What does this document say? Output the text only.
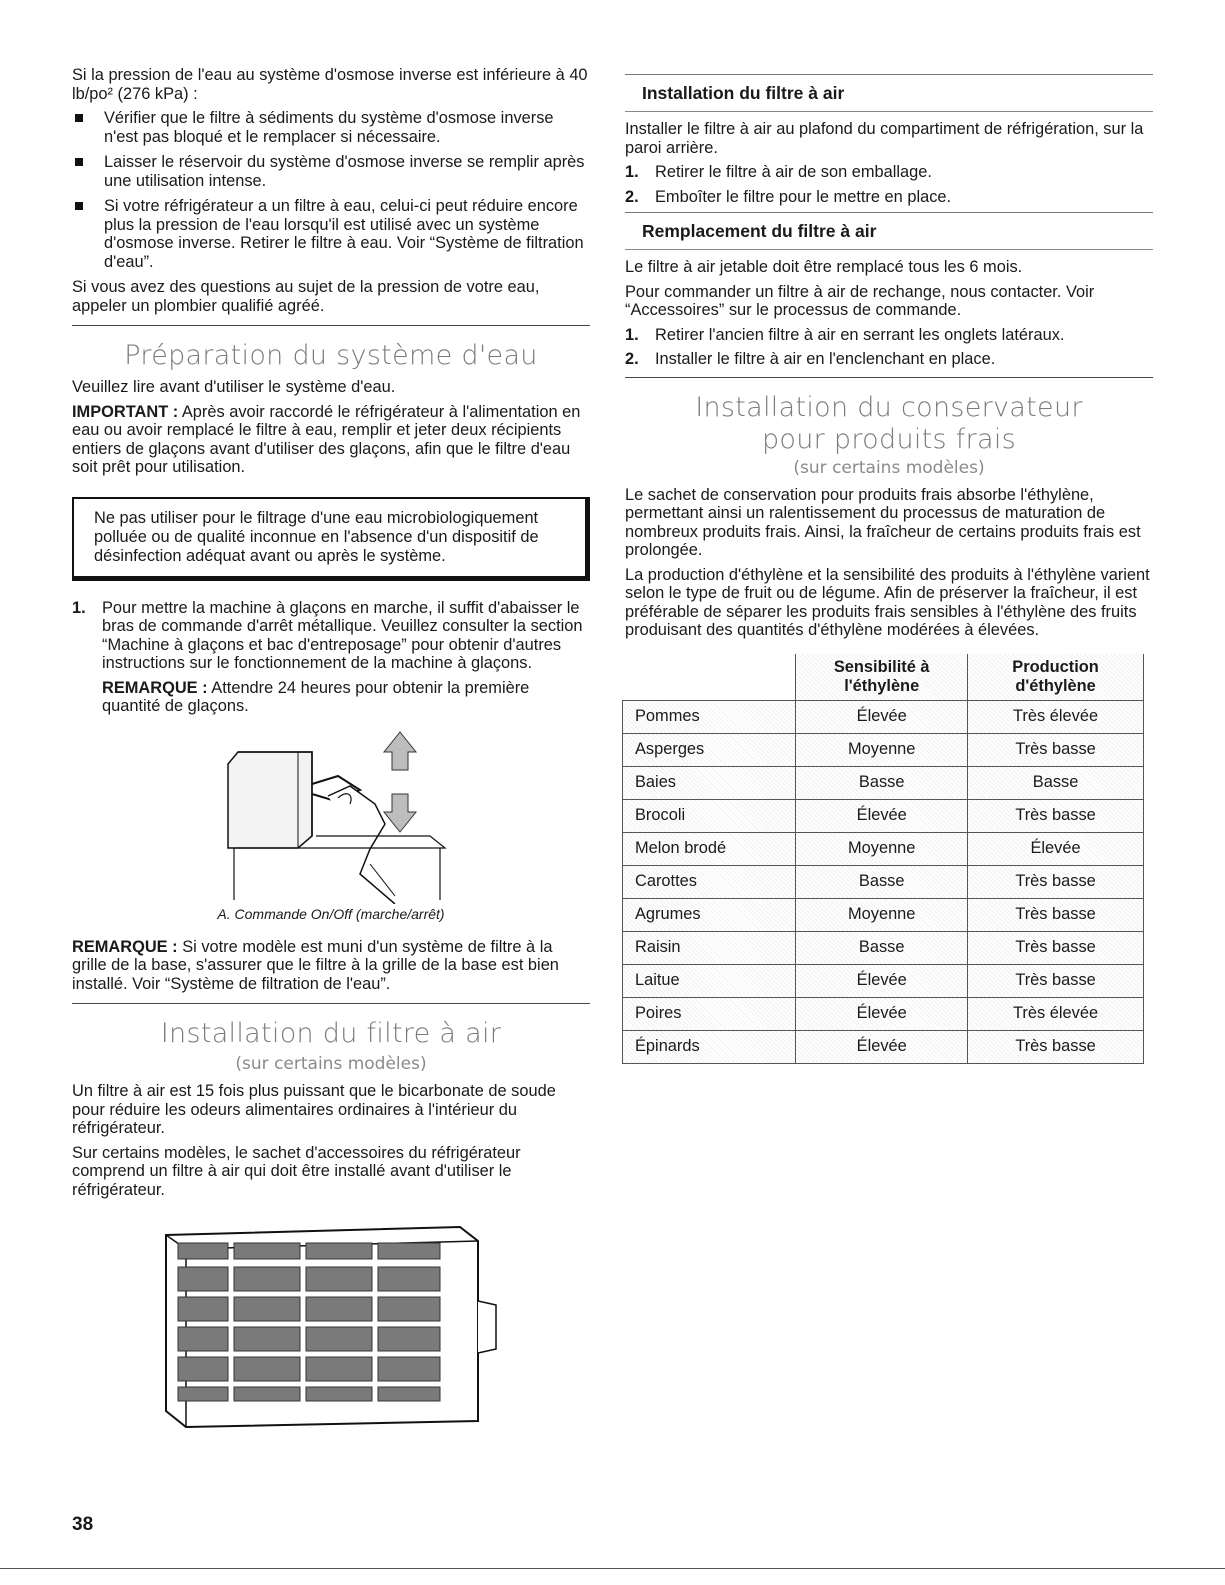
Si la pression de l'eau au système d'osmose inverse est inférieure à 40 lb/po² (276 kPa) :

Vérifier que le filtre à sédiments du système d'osmose inverse n'est pas bloqué et le remplacer si nécessaire.
Laisser le réservoir du système d'osmose inverse se remplir après une utilisation intense.
Si votre réfrigérateur a un filtre à eau, celui-ci peut réduire encore plus la pression de l'eau lorsqu'il est utilisé avec un système d'osmose inverse. Retirer le filtre à eau. Voir “Système de filtration d'eau”.

Si vous avez des questions au sujet de la pression de votre eau, appeler un plombier qualifié agréé.

Préparation du système d'eau

Veuillez lire avant d'utiliser le système d'eau.

IMPORTANT : Après avoir raccordé le réfrigérateur à l'alimentation en eau ou avoir remplacé le filtre à eau, remplir et jeter deux récipients entiers de glaçons avant d'utiliser des glaçons, afin que le filtre d'eau soit prêt pour utilisation.

Ne pas utiliser pour le filtrage d'une eau microbiologiquement polluée ou de qualité inconnue en l'absence d'un dispositif de désinfection adéquat avant ou après le système.

1. Pour mettre la machine à glaçons en marche, il suffit d'abaisser le bras de commande d'arrêt métallique. Veuillez consulter la section “Machine à glaçons et bac d'entreposage” pour obtenir d'autres instructions sur le fonctionnement de la machine à glaçons.
REMARQUE : Attendre 24 heures pour obtenir la première quantité de glaçons.
A. Commande On/Off (marche/arrêt)

REMARQUE : Si votre modèle est muni d'un système de filtre à la grille de la base, s'assurer que le filtre à la grille de la base est bien installé. Voir “Système de filtration de l'eau”.

Installation du filtre à air
(sur certains modèles)

Un filtre à air est 15 fois plus puissant que le bicarbonate de soude pour réduire les odeurs alimentaires ordinaires à l'intérieur du réfrigérateur.

Sur certains modèles, le sachet d'accessoires du réfrigérateur comprend un filtre à air qui doit être installé avant d'utiliser le réfrigérateur.

Installation du filtre à air

Installer le filtre à air au plafond du compartiment de réfrigération, sur la paroi arrière.

1. Retirer le filtre à air de son emballage.
2. Emboîter le filtre pour le mettre en place.
Remplacement du filtre à air

Le filtre à air jetable doit être remplacé tous les 6 mois.

Pour commander un filtre à air de rechange, nous contacter. Voir “Accessoires” sur le processus de commande.

1. Retirer l'ancien filtre à air en serrant les onglets latéraux.
2. Installer le filtre à air en l'enclenchant en place.
Installation du conservateur
pour produits frais
(sur certains modèles)

Le sachet de conservation pour produits frais absorbe l'éthylène, permettant ainsi un ralentissement du processus de maturation de nombreux produits frais. Ainsi, la fraîcheur de certains produits frais est prolongée.

La production d'éthylène et la sensibilité des produits à l'éthylène varient selon le type de fruit ou de légume. Afin de préserver la fraîcheur, il est préférable de séparer les produits frais sensibles à l'éthylène des fruits produisant des quantités d'éthylène modérées à élevées.

	Sensibilité à l'éthylène	Production d'éthylène
Pommes	Élevée	Très élevée
Asperges	Moyenne	Très basse
Baies	Basse	Basse
Brocoli	Élevée	Très basse
Melon brodé	Moyenne	Élevée
Carottes	Basse	Très basse
Agrumes	Moyenne	Très basse
Raisin	Basse	Très basse
Laitue	Élevée	Très basse
Poires	Élevée	Très élevée
Épinards	Élevée	Très basse
38
